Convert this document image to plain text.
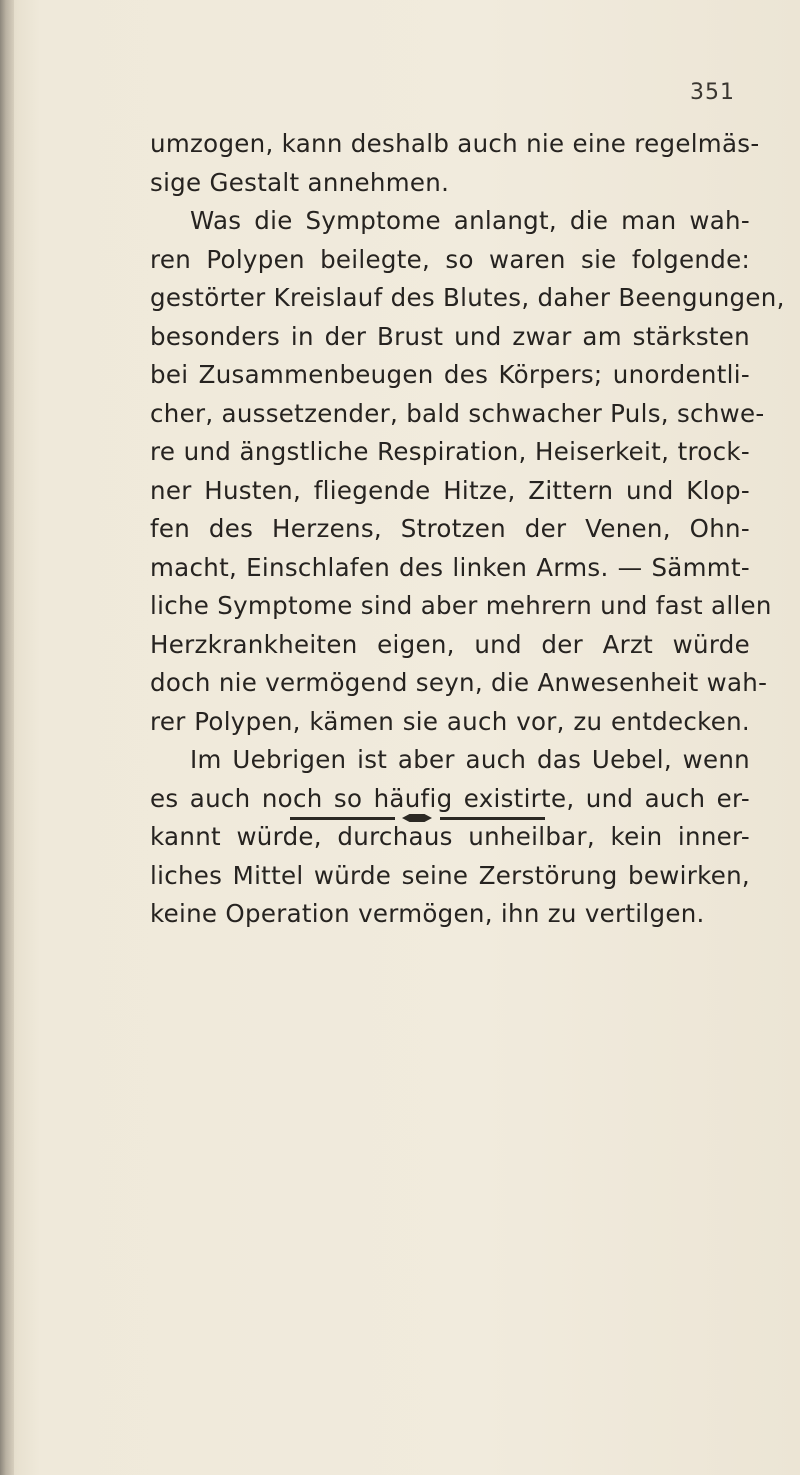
351
umzogen, kann deshalb auch nie eine regelmäs-
sige Gestalt annehmen.
Was die Symptome anlangt, die man wah-
ren Polypen beilegte, so waren sie folgende:
gestörter Kreislauf des Blutes, daher Beengungen,
besonders in der Brust und zwar am stärksten
bei Zusammenbeugen des Körpers; unordentli-
cher, aussetzender, bald schwacher Puls, schwe-
re und ängstliche Respiration, Heiserkeit, trock-
ner Husten, fliegende Hitze, Zittern und Klop-
fen des Herzens, Strotzen der Venen, Ohn-
macht, Einschlafen des linken Arms. — Sämmt-
liche Symptome sind aber mehrern und fast allen
Herzkrankheiten eigen, und der Arzt würde
doch nie vermögend seyn, die Anwesenheit wah-
rer Polypen, kämen sie auch vor, zu entdecken.
Im Uebrigen ist aber auch das Uebel, wenn
es auch noch so häufig existirte, und auch er-
kannt würde, durchaus unheilbar, kein inner-
liches Mittel würde seine Zerstörung bewirken,
keine Operation vermögen, ihn zu vertilgen.
